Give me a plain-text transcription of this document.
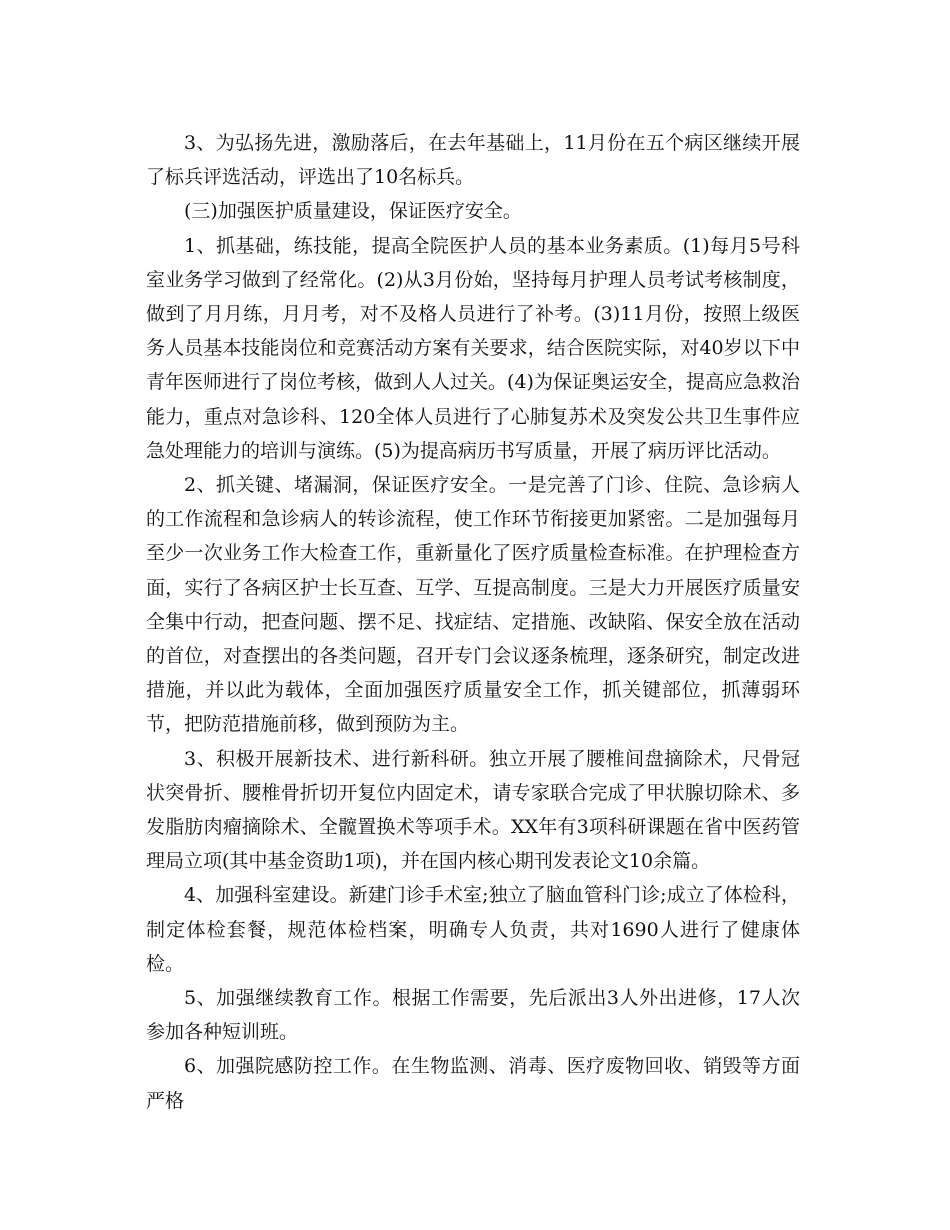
3、为弘扬先进，激励落后，在去年基础上，11月份在五个病区继续开展了标兵评选活动，评选出了10名标兵。

(三)加强医护质量建设，保证医疗安全。

1、抓基础，练技能，提高全院医护人员的基本业务素质。(1)每月5号科室业务学习做到了经常化。(2)从3月份始，坚持每月护理人员考试考核制度，做到了月月练，月月考，对不及格人员进行了补考。(3)11月份，按照上级医务人员基本技能岗位和竞赛活动方案有关要求，结合医院实际，对40岁以下中青年医师进行了岗位考核，做到人人过关。(4)为保证奥运安全，提高应急救治能力，重点对急诊科、120全体人员进行了心肺复苏术及突发公共卫生事件应急处理能力的培训与演练。(5)为提高病历书写质量，开展了病历评比活动。

2、抓关键、堵漏洞，保证医疗安全。一是完善了门诊、住院、急诊病人的工作流程和急诊病人的转诊流程，使工作环节衔接更加紧密。二是加强每月至少一次业务工作大检查工作，重新量化了医疗质量检查标准。在护理检查方面，实行了各病区护士长互查、互学、互提高制度。三是大力开展医疗质量安全集中行动，把查问题、摆不足、找症结、定措施、改缺陷、保安全放在活动的首位，对查摆出的各类问题，召开专门会议逐条梳理，逐条研究，制定改进措施，并以此为载体，全面加强医疗质量安全工作，抓关键部位，抓薄弱环节，把防范措施前移，做到预防为主。

3、积极开展新技术、进行新科研。独立开展了腰椎间盘摘除术，尺骨冠状突骨折、腰椎骨折切开复位内固定术，请专家联合完成了甲状腺切除术、多发脂肪肉瘤摘除术、全髋置换术等项手术。XX年有3项科研课题在省中医药管理局立项(其中基金资助1项)，并在国内核心期刊发表论文10余篇。

4、加强科室建设。新建门诊手术室;独立了脑血管科门诊;成立了体检科，制定体检套餐，规范体检档案，明确专人负责，共对1690人进行了健康体检。

5、加强继续教育工作。根据工作需要，先后派出3人外出进修，17人次参加各种短训班。

6、加强院感防控工作。在生物监测、消毒、医疗废物回收、销毁等方面严格
